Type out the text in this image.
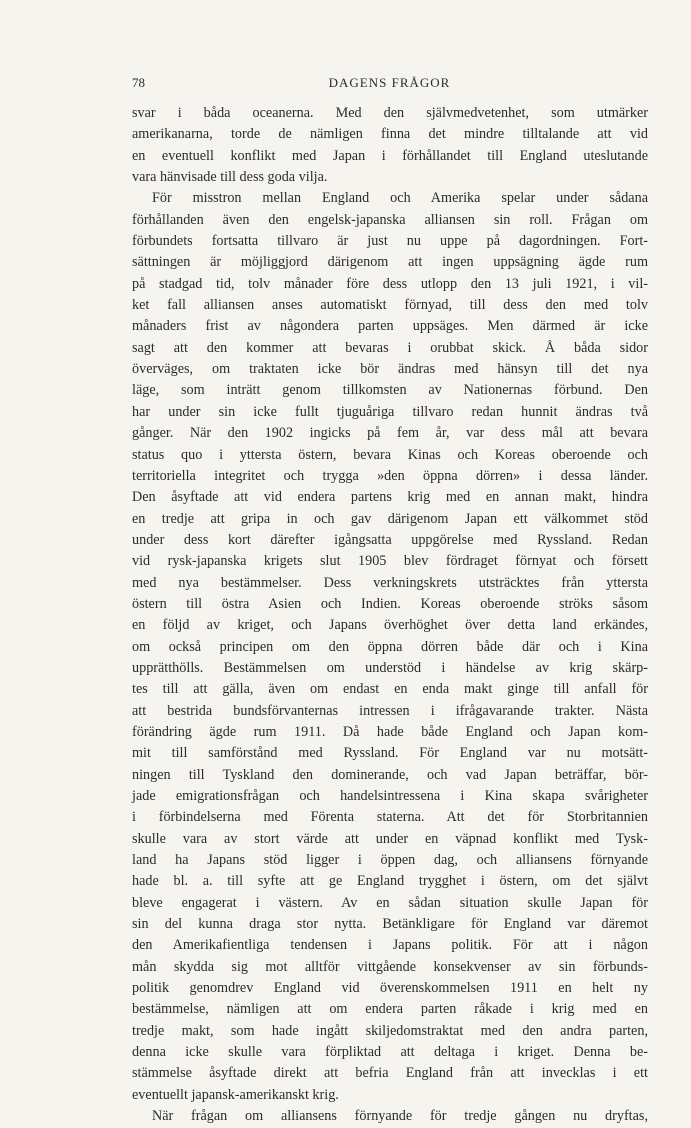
78	DAGENS FRÅGOR
svar i båda oceanerna. Med den självmedvetenhet, som utmärker
amerikanarna, torde de nämligen finna det mindre tilltalande att vid
en eventuell konflikt med Japan i förhållandet till England uteslutande
vara hänvisade till dess goda vilja.
För misstron mellan England och Amerika spelar under sådana
förhållanden även den engelsk-japanska alliansen sin roll. Frågan om
förbundets fortsatta tillvaro är just nu uppe på dagordningen. Fort-
sättningen är möjliggjord därigenom att ingen uppsägning ägde rum
på stadgad tid, tolv månader före dess utlopp den 13 juli 1921, i vil-
ket fall alliansen anses automatiskt förnyad, till dess den med tolv
månaders frist av någondera parten uppsäges. Men därmed är icke
sagt att den kommer att bevaras i orubbat skick. Å båda sidor
överväges, om traktaten icke bör ändras med hänsyn till det nya
läge, som inträtt genom tillkomsten av Nationernas förbund. Den
har under sin icke fullt tjuguåriga tillvaro redan hunnit ändras två
gånger. När den 1902 ingicks på fem år, var dess mål att bevara
status quo i yttersta östern, bevara Kinas och Koreas oberoende och
territoriella integritet och trygga »den öppna dörren» i dessa länder.
Den åsyftade att vid endera partens krig med en annan makt, hindra
en tredje att gripa in och gav därigenom Japan ett välkommet stöd
under dess kort därefter igångsatta uppgörelse med Ryssland. Redan
vid rysk-japanska krigets slut 1905 blev fördraget förnyat och försett
med nya bestämmelser. Dess verkningskrets utsträcktes från yttersta
östern till östra Asien och Indien. Koreas oberoende ströks såsom
en följd av kriget, och Japans överhöghet över detta land erkändes,
om också principen om den öppna dörren både där och i Kina
upprätthölls. Bestämmelsen om understöd i händelse av krig skärp-
tes till att gälla, även om endast en enda makt ginge till anfall för
att bestrida bundsförvanternas intressen i ifrågavarande trakter. Nästa
förändring ägde rum 1911. Då hade både England och Japan kom-
mit till samförstånd med Ryssland. För England var nu motsätt-
ningen till Tyskland den dominerande, och vad Japan beträffar, bör-
jade emigrationsfrågan och handelsintressena i Kina skapa svårigheter
i förbindelserna med Förenta staterna. Att det för Storbritannien
skulle vara av stort värde att under en väpnad konflikt med Tysk-
land ha Japans stöd ligger i öppen dag, och alliansens förnyande
hade bl. a. till syfte att ge England trygghet i östern, om det självt
bleve engagerat i västern. Av en sådan situation skulle Japan för
sin del kunna draga stor nytta. Betänkligare för England var däremot
den Amerikafientliga tendensen i Japans politik. För att i någon
mån skydda sig mot alltför vittgående konsekvenser av sin förbunds-
politik genomdrev England vid överenskommelsen 1911 en helt ny
bestämmelse, nämligen att om endera parten råkade i krig med en
tredje makt, som hade ingått skiljedomstraktat med den andra parten,
denna icke skulle vara förpliktad att deltaga i kriget. Denna be-
stämmelse åsyftade direkt att befria England från att invecklas i ett
eventuellt japansk-amerikanskt krig.
När frågan om alliansens förnyande för tredje gången nu dryftas,
